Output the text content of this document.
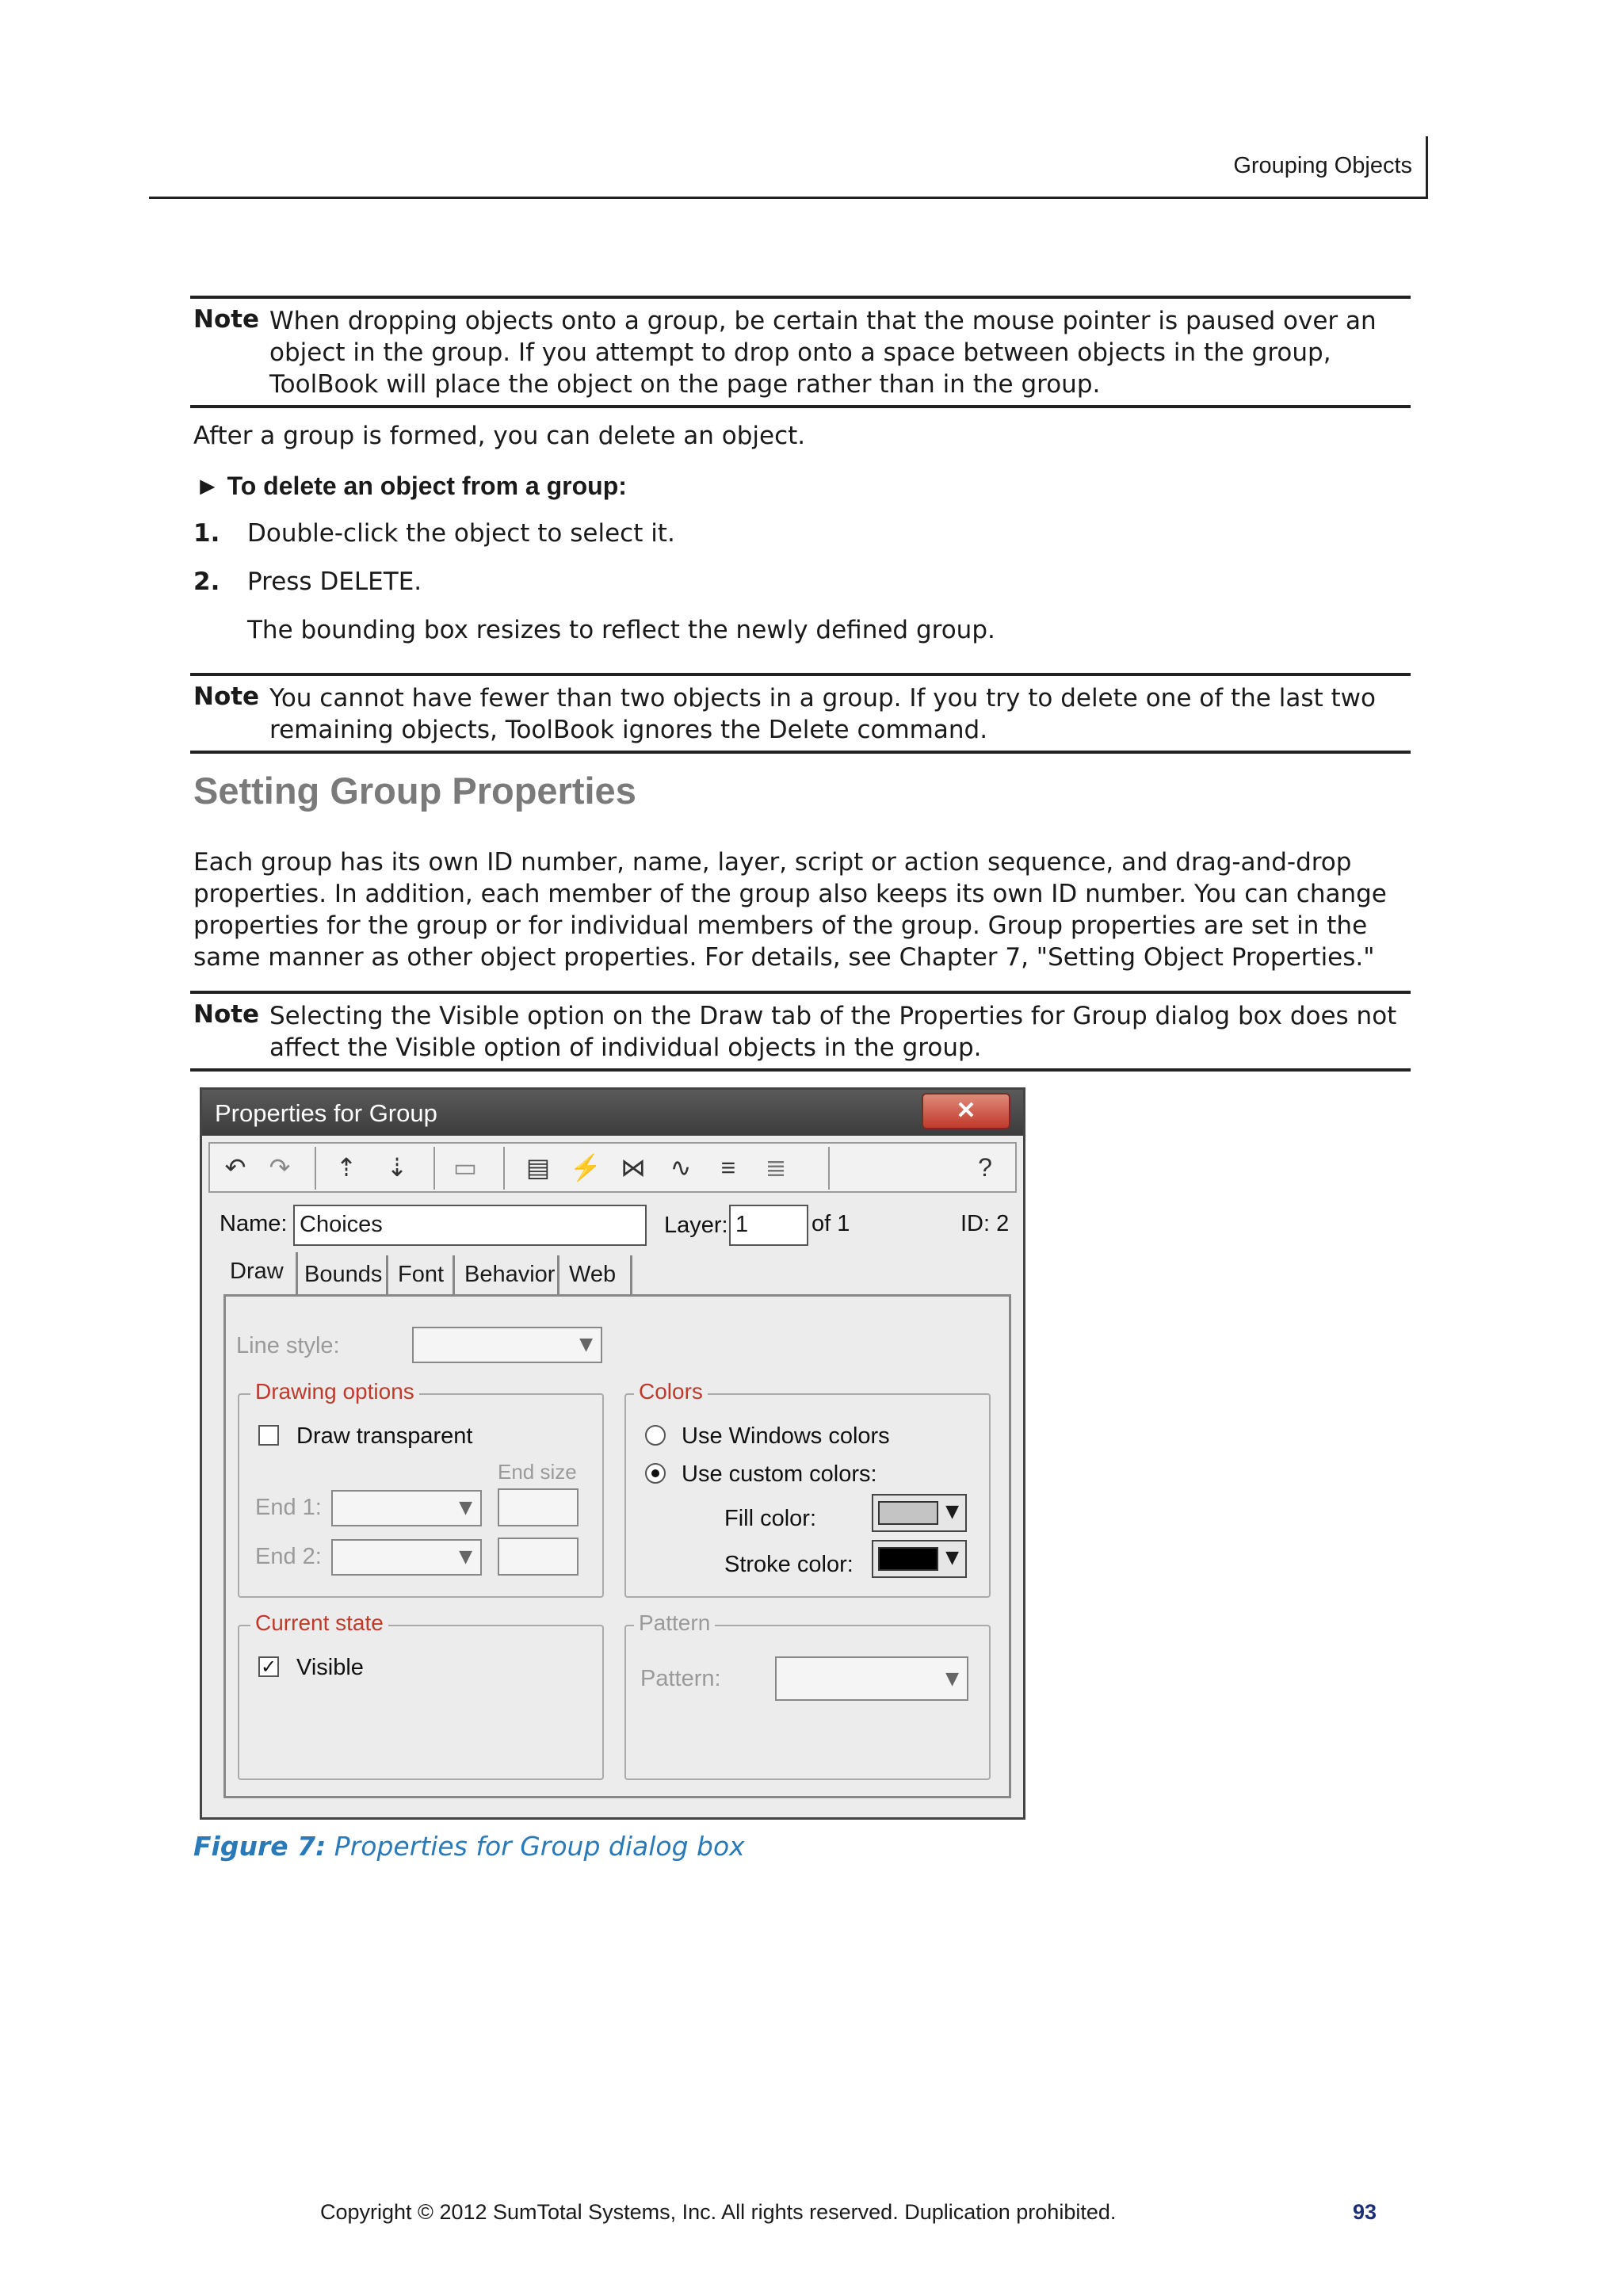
Grouping Objects
Note When dropping objects onto a group, be certain that the mouse pointer is paused over an object in the group. If you attempt to drop onto a space between objects in the group, ToolBook will place the object on the page rather than in the group.
After a group is formed, you can delete an object.
► To delete an object from a group:
1. Double-click the object to select it.
2. Press DELETE.
The bounding box resizes to reflect the newly defined group.
Note You cannot have fewer than two objects in a group. If you try to delete one of the last two remaining objects, ToolBook ignores the Delete command.
Setting Group Properties
Each group has its own ID number, name, layer, script or action sequence, and drag-and-drop properties. In addition, each member of the group also keeps its own ID number. You can change properties for the group or for individual members of the group. Group properties are set in the same manner as other object properties. For details, see Chapter 7, "Setting Object Properties."
Note Selecting the Visible option on the Draw tab of the Properties for Group dialog box does not affect the Visible option of individual objects in the group.
Properties for Group	✕
↶ ↷	⇡	⇣	▭ ▤ ⚡ ⋈ ∿	≡	≣	?
Name: Choices	Layer: 1	of 1	ID: 2
Draw Bounds Font Behavior Web
Line style:	▼
Drawing options
Draw transparent
End size
End 1:	▼
End 2:	▼
Colors
Use Windows colors
Use custom colors:
Fill color:	▼
Stroke color:	▼
Current state
✓ Visible
Pattern
Pattern:	▼
Figure 7: Properties for Group dialog box
Copyright © 2012 SumTotal Systems, Inc. All rights reserved. Duplication prohibited.	93
